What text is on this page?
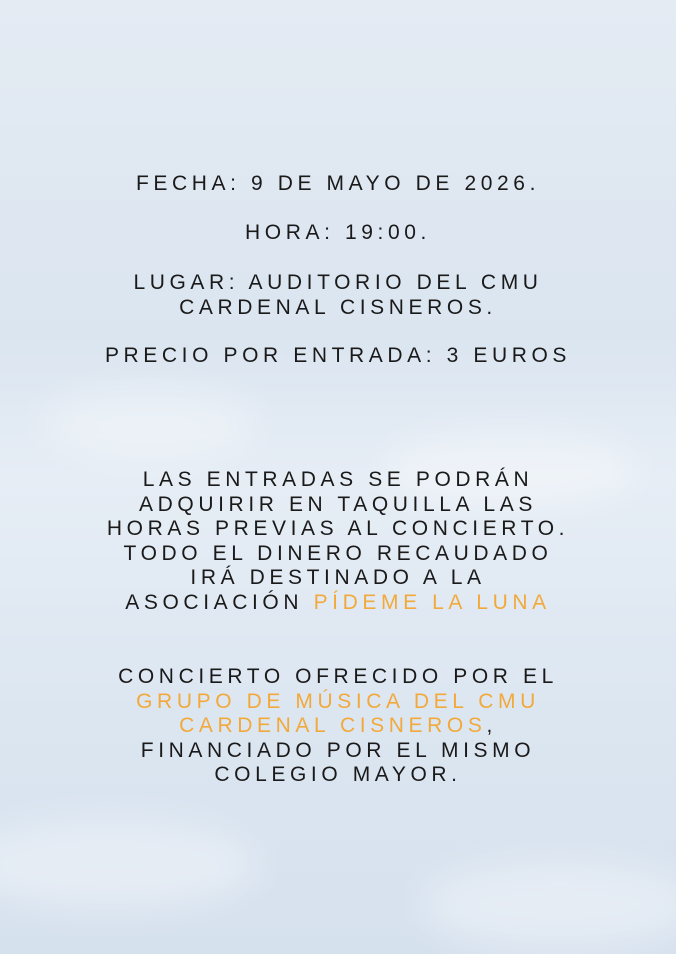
FECHA: 9 DE MAYO DE 2026.
HORA: 19:00.
LUGAR: AUDITORIO DEL CMU
CARDENAL CISNEROS.
PRECIO POR ENTRADA: 3 EUROS
LAS ENTRADAS SE PODRÁN
ADQUIRIR EN TAQUILLA LAS
HORAS PREVIAS AL CONCIERTO.
TODO EL DINERO RECAUDADO
IRÁ DESTINADO A LA
ASOCIACIÓN PÍDEME LA LUNA
CONCIERTO OFRECIDO POR EL
GRUPO DE MÚSICA DEL CMU
CARDENAL CISNEROS,
FINANCIADO POR EL MISMO
COLEGIO MAYOR.
